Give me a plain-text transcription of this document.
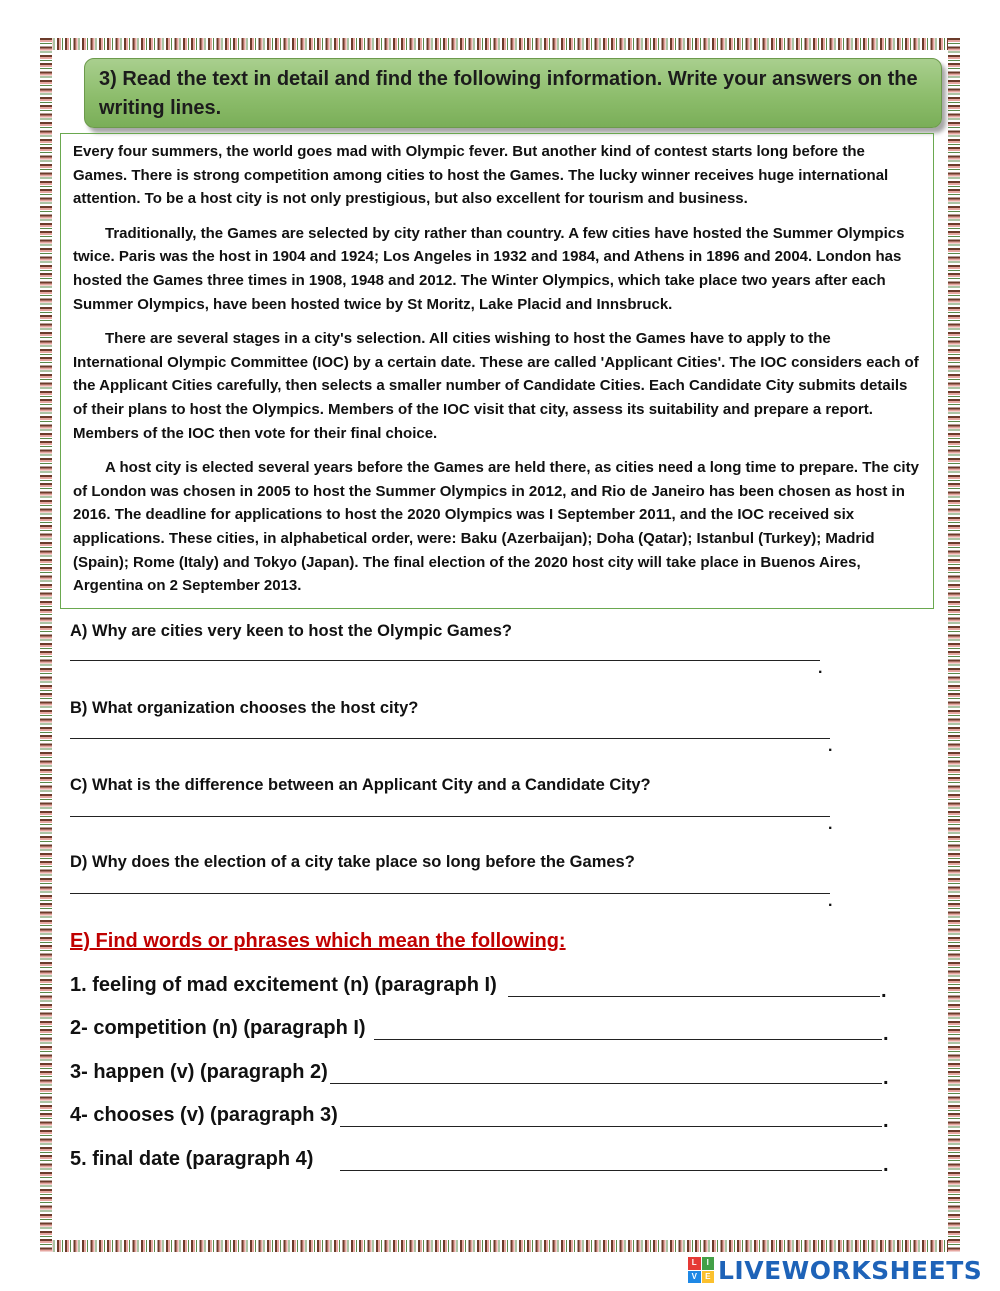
3) Read the text in detail and find the following information. Write your answers on the writing lines.

Every four summers, the world goes mad with Olympic fever. But another kind of contest starts long before the Games. There is strong competition among cities to host the Games. The lucky winner receives huge international attention. To be a host city is not only prestigious, but also excellent for tourism and business.

Traditionally, the Games are selected by city rather than country. A few cities have hosted the Summer Olympics twice. Paris was the host in 1904 and 1924; Los Angeles in 1932 and 1984, and Athens in 1896 and 2004. London has hosted the Games three times in 1908, 1948 and 2012. The Winter Olympics, which take place two years after each Summer Olympics, have been hosted twice by St Moritz, Lake Placid and Innsbruck.

There are several stages in a city's selection. All cities wishing to host the Games have to apply to the International Olympic Committee (IOC) by a certain date. These are called 'Applicant Cities'. The IOC considers each of the Applicant Cities carefully, then selects a smaller number of Candidate Cities. Each Candidate City submits details of their plans to host the Olympics. Members of the IOC visit that city, assess its suitability and prepare a report. Members of the IOC then vote for their final choice.

A host city is elected several years before the Games are held there, as cities need a long time to prepare. The city of London was chosen in 2005 to host the Summer Olympics in 2012, and Rio de Janeiro has been chosen as host in 2016. The deadline for applications to host the 2020 Olympics was I September 2011, and the IOC received six applications. These cities, in alphabetical order, were: Baku (Azerbaijan); Doha (Qatar); Istanbul (Turkey); Madrid (Spain); Rome (Italy) and Tokyo (Japan). The final election of the 2020 host city will take place in Buenos Aires, Argentina on 2 September 2013.

A) Why are cities very keen to host the Olympic Games?
.
B) What organization chooses the host city?
.
C) What is the difference between an Applicant City and a Candidate City?
.
D) Why does the election of a city take place so long before the Games?
.
E) Find words or phrases which mean the following:
1. feeling of mad excitement (n) (paragraph I)	.
2- competition (n) (paragraph I)	.
3- happen (v) (paragraph 2)	.
4- chooses (v) (paragraph 3)	.
5. final date (paragraph 4)	.
L	I
V	E LIVEWORKSHEETS
